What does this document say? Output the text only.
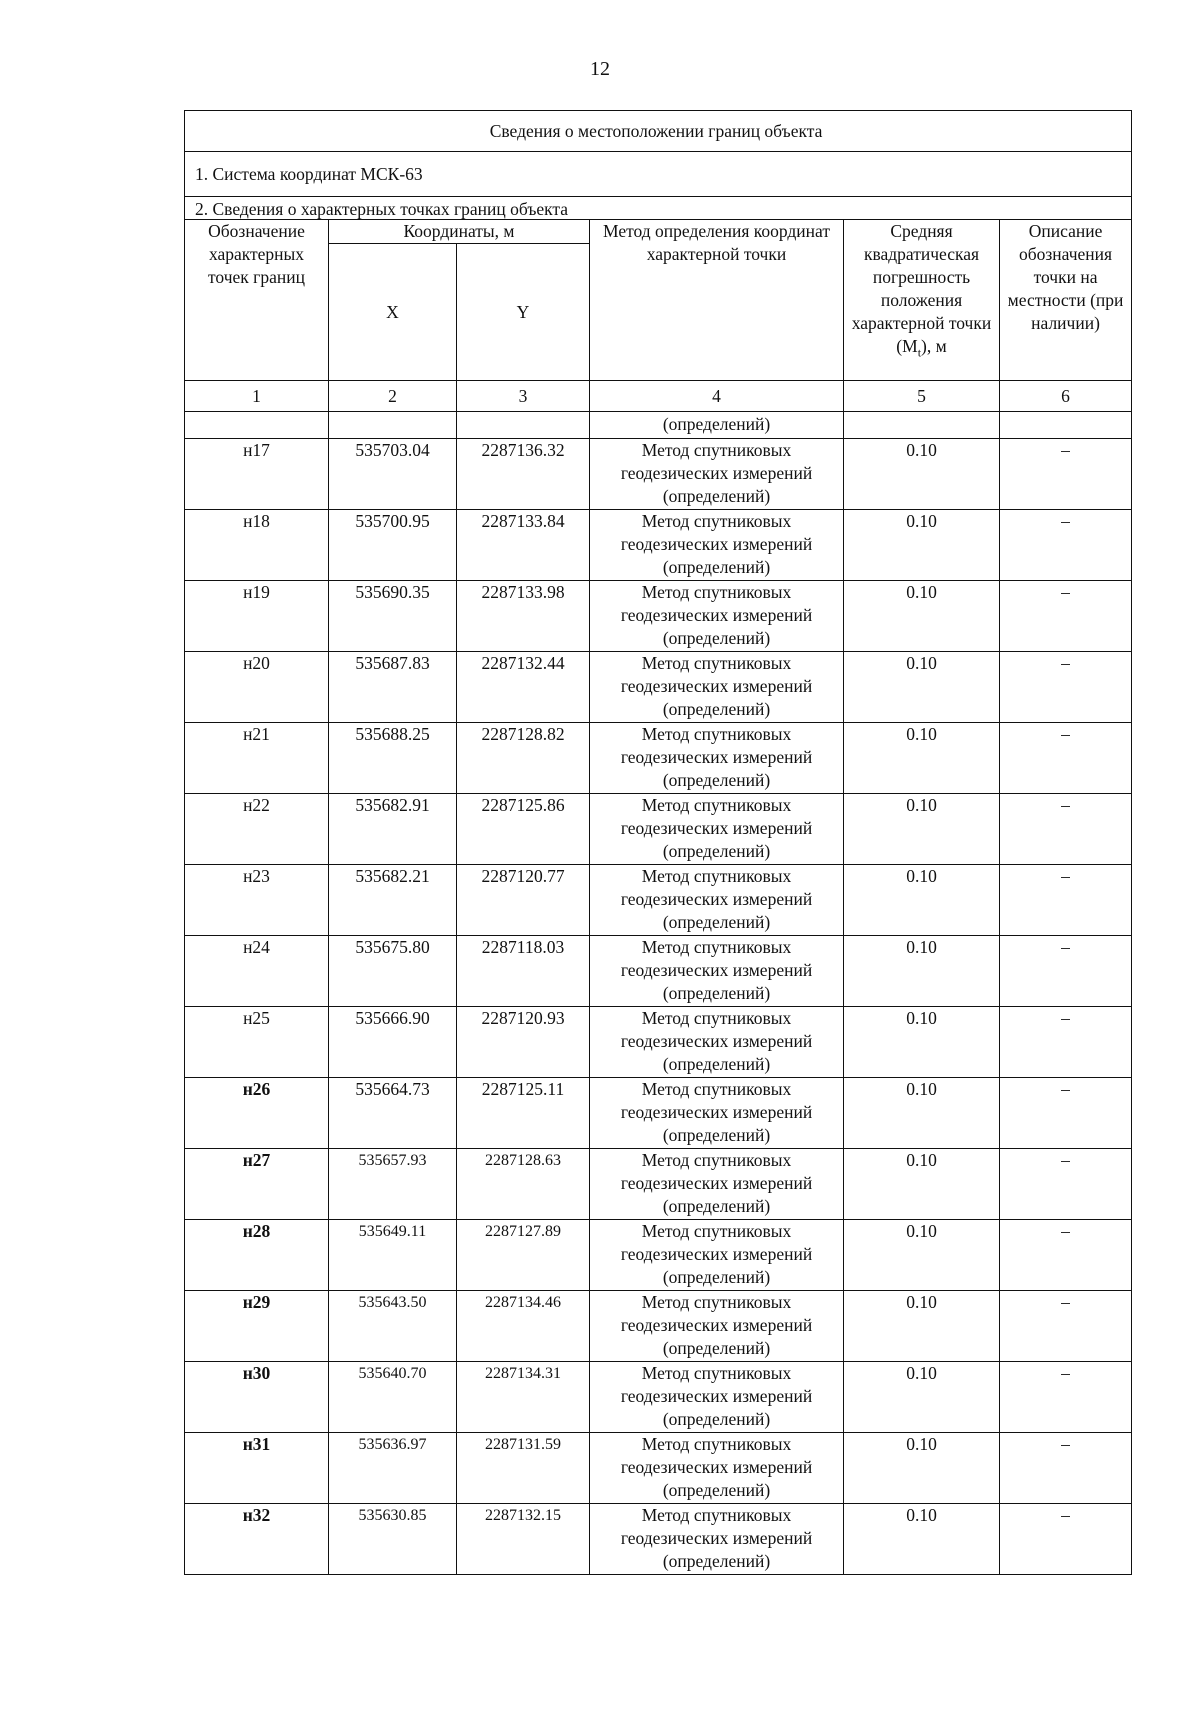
12
Сведения о местоположении границ объекта					
1. Система координат МСК-63					
2. Сведения о характерных точках границ объекта					
Обозначение характерных точек границ	Координаты, м		Метод определения координат характерной точки	Средняя квадратическая погрешность положения характерной точки $(M_t)$, м	Описание обозначения точки на местности (при наличии)
	X	Y			
1	2	3	4	5	6
			(определений)		
н17	535703.04	2287136.32	Метод спутниковых геодезических измерений (определений)	0.10	–
н18	535700.95	2287133.84	Метод спутниковых геодезических измерений (определений)	0.10	–
н19	535690.35	2287133.98	Метод спутниковых геодезических измерений (определений)	0.10	–
н20	535687.83	2287132.44	Метод спутниковых геодезических измерений (определений)	0.10	–
н21	535688.25	2287128.82	Метод спутниковых геодезических измерений (определений)	0.10	–
н22	535682.91	2287125.86	Метод спутниковых геодезических измерений (определений)	0.10	–
н23	535682.21	2287120.77	Метод спутниковых геодезических измерений (определений)	0.10	–
н24	535675.80	2287118.03	Метод спутниковых геодезических измерений (определений)	0.10	–
н25	535666.90	2287120.93	Метод спутниковых геодезических измерений (определений)	0.10	–
н26	535664.73	2287125.11	Метод спутниковых геодезических измерений (определений)	0.10	–
н27	535657.93	2287128.63	Метод спутниковых геодезических измерений (определений)	0.10	–
н28	535649.11	2287127.89	Метод спутниковых геодезических измерений (определений)	0.10	–
н29	535643.50	2287134.46	Метод спутниковых геодезических измерений (определений)	0.10	–
н30	535640.70	2287134.31	Метод спутниковых геодезических измерений (определений)	0.10	–
н31	535636.97	2287131.59	Метод спутниковых геодезических измерений (определений)	0.10	–
н32	535630.85	2287132.15	Метод спутниковых геодезических измерений (определений)	0.10	–
